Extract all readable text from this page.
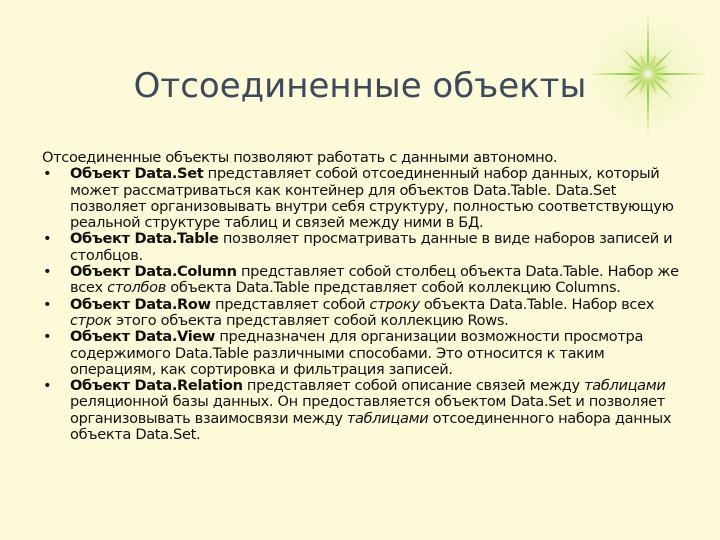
Отсоединенные объекты

Отсоединенные объекты позволяют работать с данными автономно.

• Объект Data.Set представляет собой отсоединенный набор данных, который может рассматриваться как контейнер для объектов Data.Table. Data.Set позволяет организовывать внутри себя структуру, полностью соответствующую реальной структуре таблиц и связей между ними в БД.
• Объект Data.Table позволяет просматривать данные в виде наборов записей и столбцов.
• Объект Data.Column представляет собой столбец объекта Data.Table. Набор же всех столбов объекта Data.Table представляет собой коллекцию Columns.
• Объект Data.Row представляет собой строку объекта Data.Table. Набор всех строк этого объекта представляет собой коллекцию Rows.
• Объект Data.View предназначен для организации возможности просмотра содержимого Data.Table различными способами. Это относится к таким операциям, как сортировка и фильтрация записей.
• Объект Data.Relation представляет собой описание связей между таблицами реляционной базы данных. Он предоставляется объектом Data.Set и позволяет организовывать взаимосвязи между таблицами отсоединенного набора данных объекта Data.Set.
